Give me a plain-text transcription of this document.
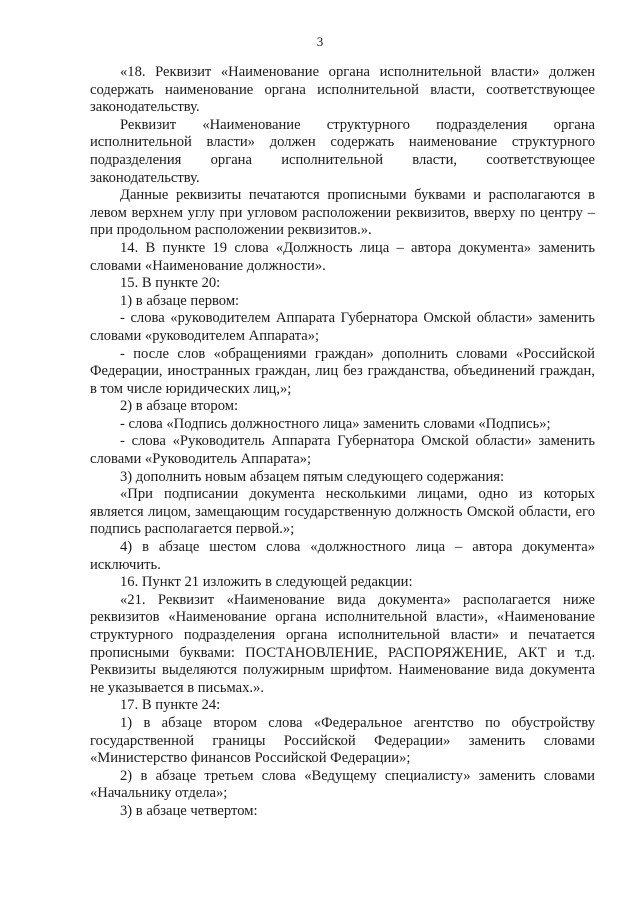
3

«18. Реквизит «Наименование органа исполнительной власти» должен содержать наименование органа исполнительной власти, соответствующее законодательству.

Реквизит «Наименование структурного подразделения органа исполнительной власти» должен содержать наименование структурного подразделения органа исполнительной власти, соответствующее законодательству.

Данные реквизиты печатаются прописными буквами и располагаются в левом верхнем углу при угловом расположении реквизитов, вверху по центру – при продольном расположении реквизитов.».

14. В пункте 19 слова «Должность лица – автора документа» заменить словами «Наименование должности».

15. В пункте 20:

1) в абзаце первом:

- слова «руководителем Аппарата Губернатора Омской области» заменить словами «руководителем Аппарата»;

- после слов «обращениями граждан» дополнить словами «Российской Федерации, иностранных граждан, лиц без гражданства, объединений граждан, в том числе юридических лиц,»;

2) в абзаце втором:

- слова «Подпись должностного лица» заменить словами «Подпись»;

- слова «Руководитель Аппарата Губернатора Омской области» заменить словами «Руководитель Аппарата»;

3) дополнить новым абзацем пятым следующего содержания:

«При подписании документа несколькими лицами, одно из которых является лицом, замещающим государственную должность Омской области, его подпись располагается первой.»;

4) в абзаце шестом слова «должностного лица – автора документа» исключить.

16. Пункт 21 изложить в следующей редакции:

«21. Реквизит «Наименование вида документа» располагается ниже реквизитов «Наименование органа исполнительной власти», «Наименование структурного подразделения органа исполнительной власти» и печатается прописными буквами: ПОСТАНОВЛЕНИЕ, РАСПОРЯЖЕНИЕ, АКТ и т.д. Реквизиты выделяются полужирным шрифтом. Наименование вида документа не указывается в письмах.».

17. В пункте 24:

1) в абзаце втором слова «Федеральное агентство по обустройству государственной границы Российской Федерации» заменить словами «Министерство финансов Российской Федерации»;

2) в абзаце третьем слова «Ведущему специалисту» заменить словами «Начальнику отдела»;

3) в абзаце четвертом:
